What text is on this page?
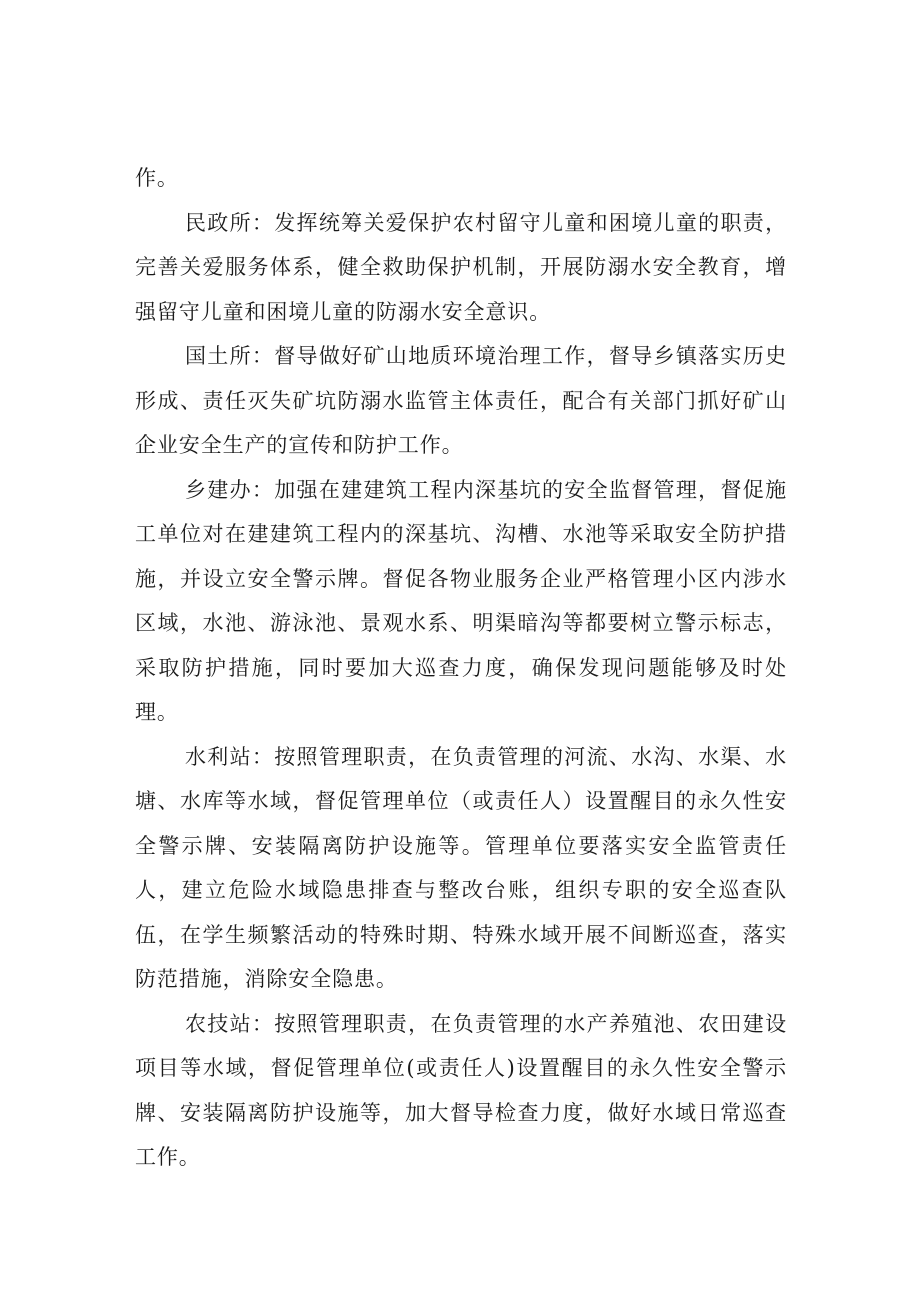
作。

民政所：发挥统筹关爱保护农村留守儿童和困境儿童的职责，完善关爱服务体系，健全救助保护机制，开展防溺水安全教育，增强留守儿童和困境儿童的防溺水安全意识。

国土所：督导做好矿山地质环境治理工作，督导乡镇落实历史形成、责任灭失矿坑防溺水监管主体责任，配合有关部门抓好矿山企业安全生产的宣传和防护工作。

乡建办：加强在建建筑工程内深基坑的安全监督管理，督促施工单位对在建建筑工程内的深基坑、沟槽、水池等采取安全防护措施，并设立安全警示牌。督促各物业服务企业严格管理小区内涉水区域，水池、游泳池、景观水系、明渠暗沟等都要树立警示标志，采取防护措施，同时要加大巡查力度，确保发现问题能够及时处理。

水利站：按照管理职责，在负责管理的河流、水沟、水渠、水塘、水库等水域，督促管理单位（或责任人）设置醒目的永久性安全警示牌、安装隔离防护设施等。管理单位要落实安全监管责任人，建立危险水域隐患排查与整改台账，组织专职的安全巡查队伍，在学生频繁活动的特殊时期、特殊水域开展不间断巡查，落实防范措施，消除安全隐患。

农技站：按照管理职责，在负责管理的水产养殖池、农田建设项目等水域，督促管理单位(或责任人)设置醒目的永久性安全警示牌、安装隔离防护设施等，加大督导检查力度，做好水域日常巡查工作。
